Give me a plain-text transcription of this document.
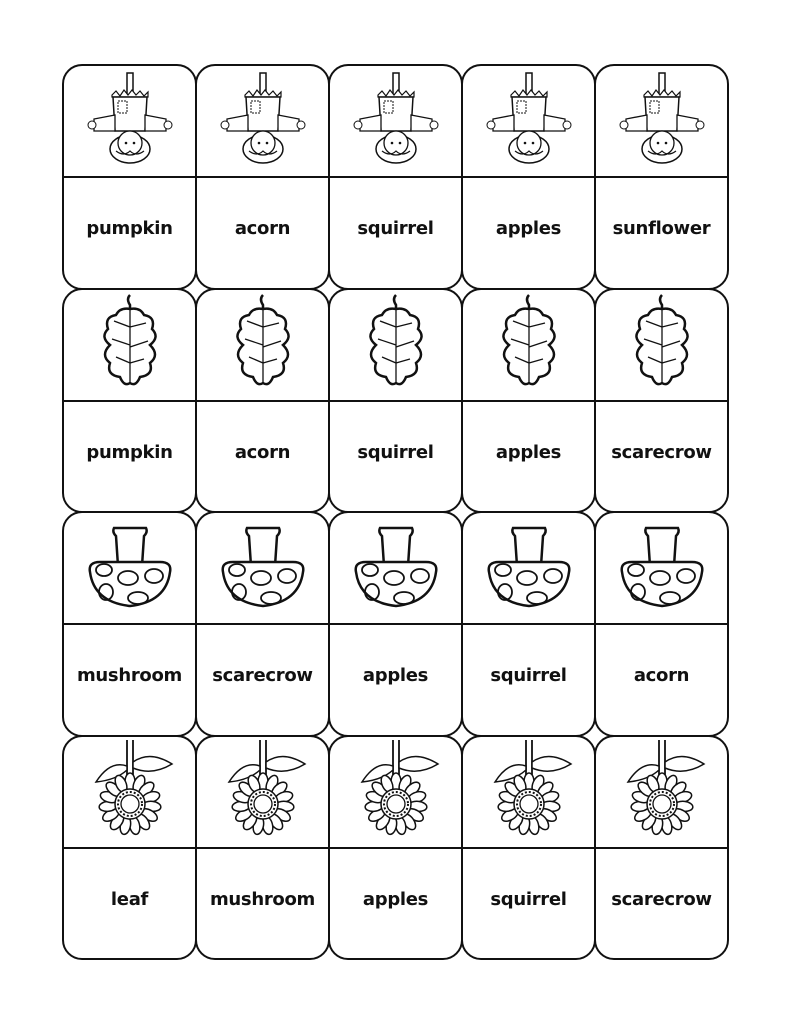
pumpkin	acorn	squirrel	apples	sunflower
pumpkin	acorn	squirrel	apples	scarecrow
mushroom	scarecrow	apples	squirrel	acorn
leaf	mushroom	apples	squirrel	scarecrow
